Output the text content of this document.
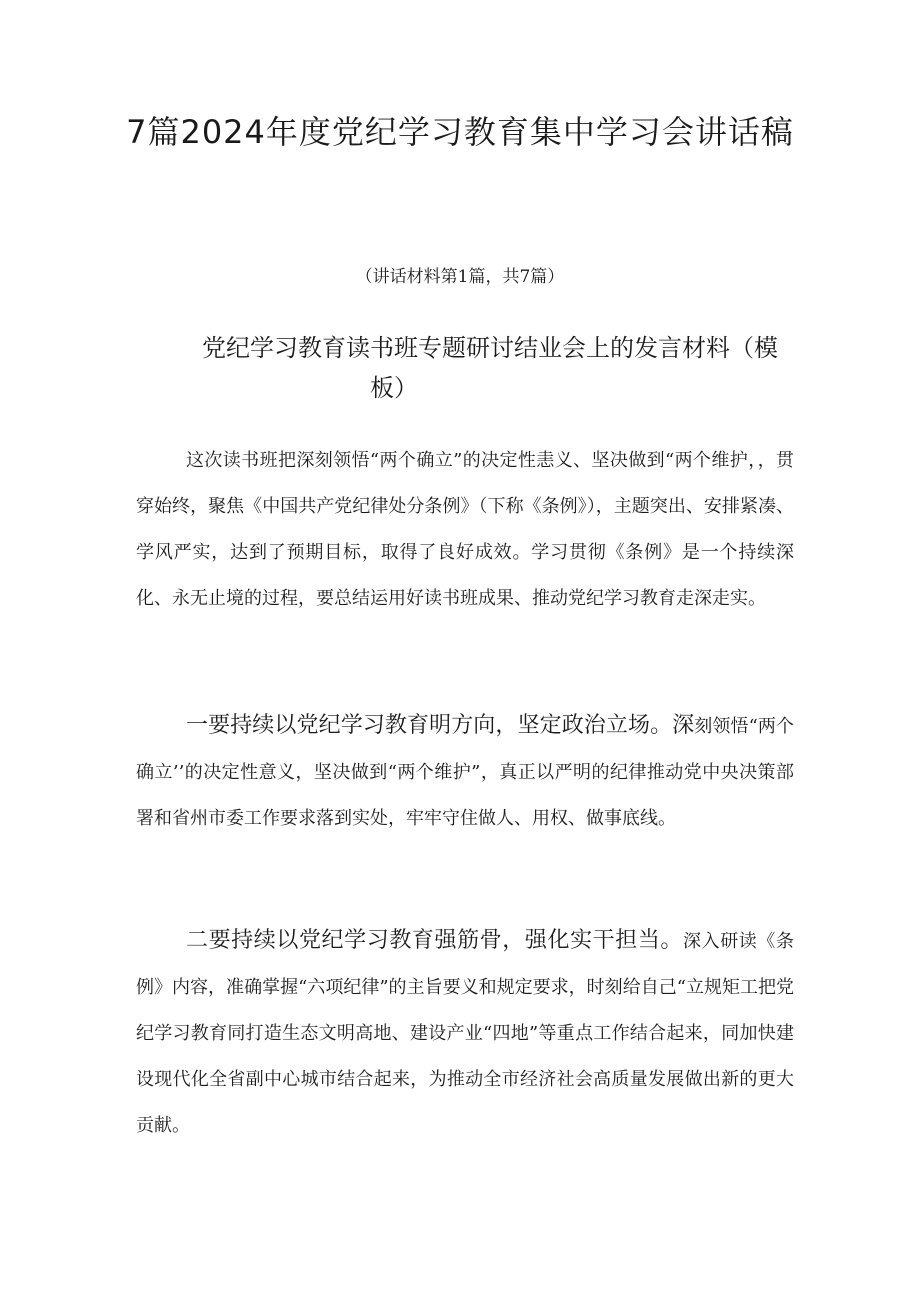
7篇2024年度党纪学习教育集中学习会讲话稿

（讲话材料第1篇，共7篇）

党纪学习教育读书班专题研讨结业会上的发言材料（模
板）

这次读书班把深刻领悟“两个确立”的决定性恚义、坚决做到“两个维护，，贯穿始终，聚焦《中国共产党纪律处分条例》（下称《条例》），主题突出、安排紧凑、学风严实，达到了预期目标，取得了良好成效。学习贯彻《条例》是一个持续深化、永无止境的过程，要总结运用好读书班成果、推动党纪学习教育走深走实。

一要持续以党纪学习教育明方向，坚定政治立场。深刻领悟“两个确立’’的决定性意义，坚决做到“两个维护”，真正以严明的纪律推动党中央决策部署和省州市委工作要求落到实处，牢牢守住做人、用权、做事底线。

二要持续以党纪学习教育强筋骨，强化实干担当。深入研读《条例》内容，准确掌握“六项纪律”的主旨要义和规定要求，时刻给自己“立规矩工把党纪学习教育同打造生态文明高地、建设产业“四地”等重点工作结合起来，同加快建设现代化全省副中心城市结合起来，为推动全市经济社会高质量发展做出新的更大贡献。
